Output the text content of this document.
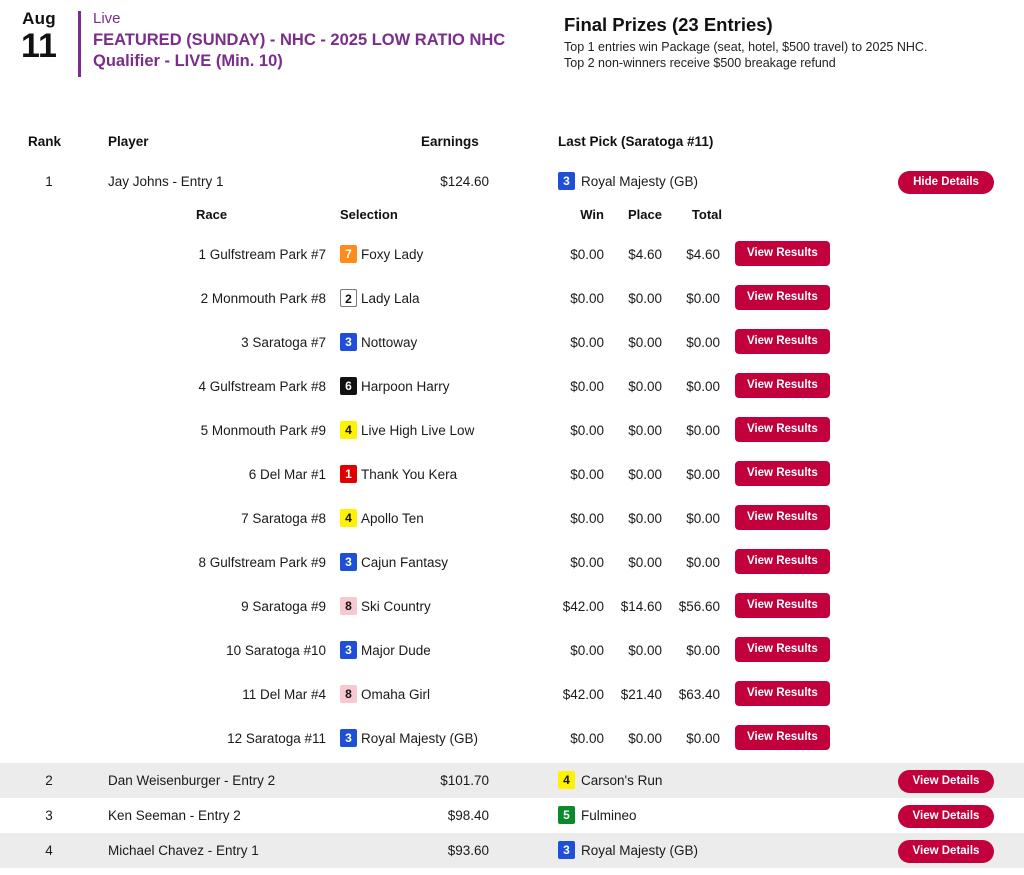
Aug
11
Live
FEATURED (SUNDAY) - NHC - 2025 LOW RATIO NHC Qualifier - LIVE (Min. 10)
Final Prizes (23 Entries)
Top 1 entries win Package (seat, hotel, $500 travel) to 2025 NHC.
Top 2 non-winners receive $500 breakage refund
Rank	Player	Earnings	Last Pick (Saratoga #11)
1	Jay Johns - Entry 1	$124.60	3 Royal Majesty (GB)	Hide Details
Race	Selection	Win	Place	Total
1 Gulfstream Park #7	7 Foxy Lady	$0.00	$4.60	$4.60	View Results
2 Monmouth Park #8	2 Lady Lala	$0.00	$0.00	$0.00	View Results
3 Saratoga #7	3 Nottoway	$0.00	$0.00	$0.00	View Results
4 Gulfstream Park #8	6 Harpoon Harry	$0.00	$0.00	$0.00	View Results
5 Monmouth Park #9	4 Live High Live Low	$0.00	$0.00	$0.00	View Results
6 Del Mar #1	1 Thank You Kera	$0.00	$0.00	$0.00	View Results
7 Saratoga #8	4 Apollo Ten	$0.00	$0.00	$0.00	View Results
8 Gulfstream Park #9	3 Cajun Fantasy	$0.00	$0.00	$0.00	View Results
9 Saratoga #9	8 Ski Country	$42.00	$14.60	$56.60	View Results
10 Saratoga #10	3 Major Dude	$0.00	$0.00	$0.00	View Results
11 Del Mar #4	8 Omaha Girl	$42.00	$21.40	$63.40	View Results
12 Saratoga #11	3 Royal Majesty (GB)	$0.00	$0.00	$0.00	View Results
2	Dan Weisenburger - Entry 2	$101.70	4 Carson's Run	View Details
3	Ken Seeman - Entry 2	$98.40	5 Fulmineo	View Details
4	Michael Chavez - Entry 1	$93.60	3 Royal Majesty (GB)	View Details
